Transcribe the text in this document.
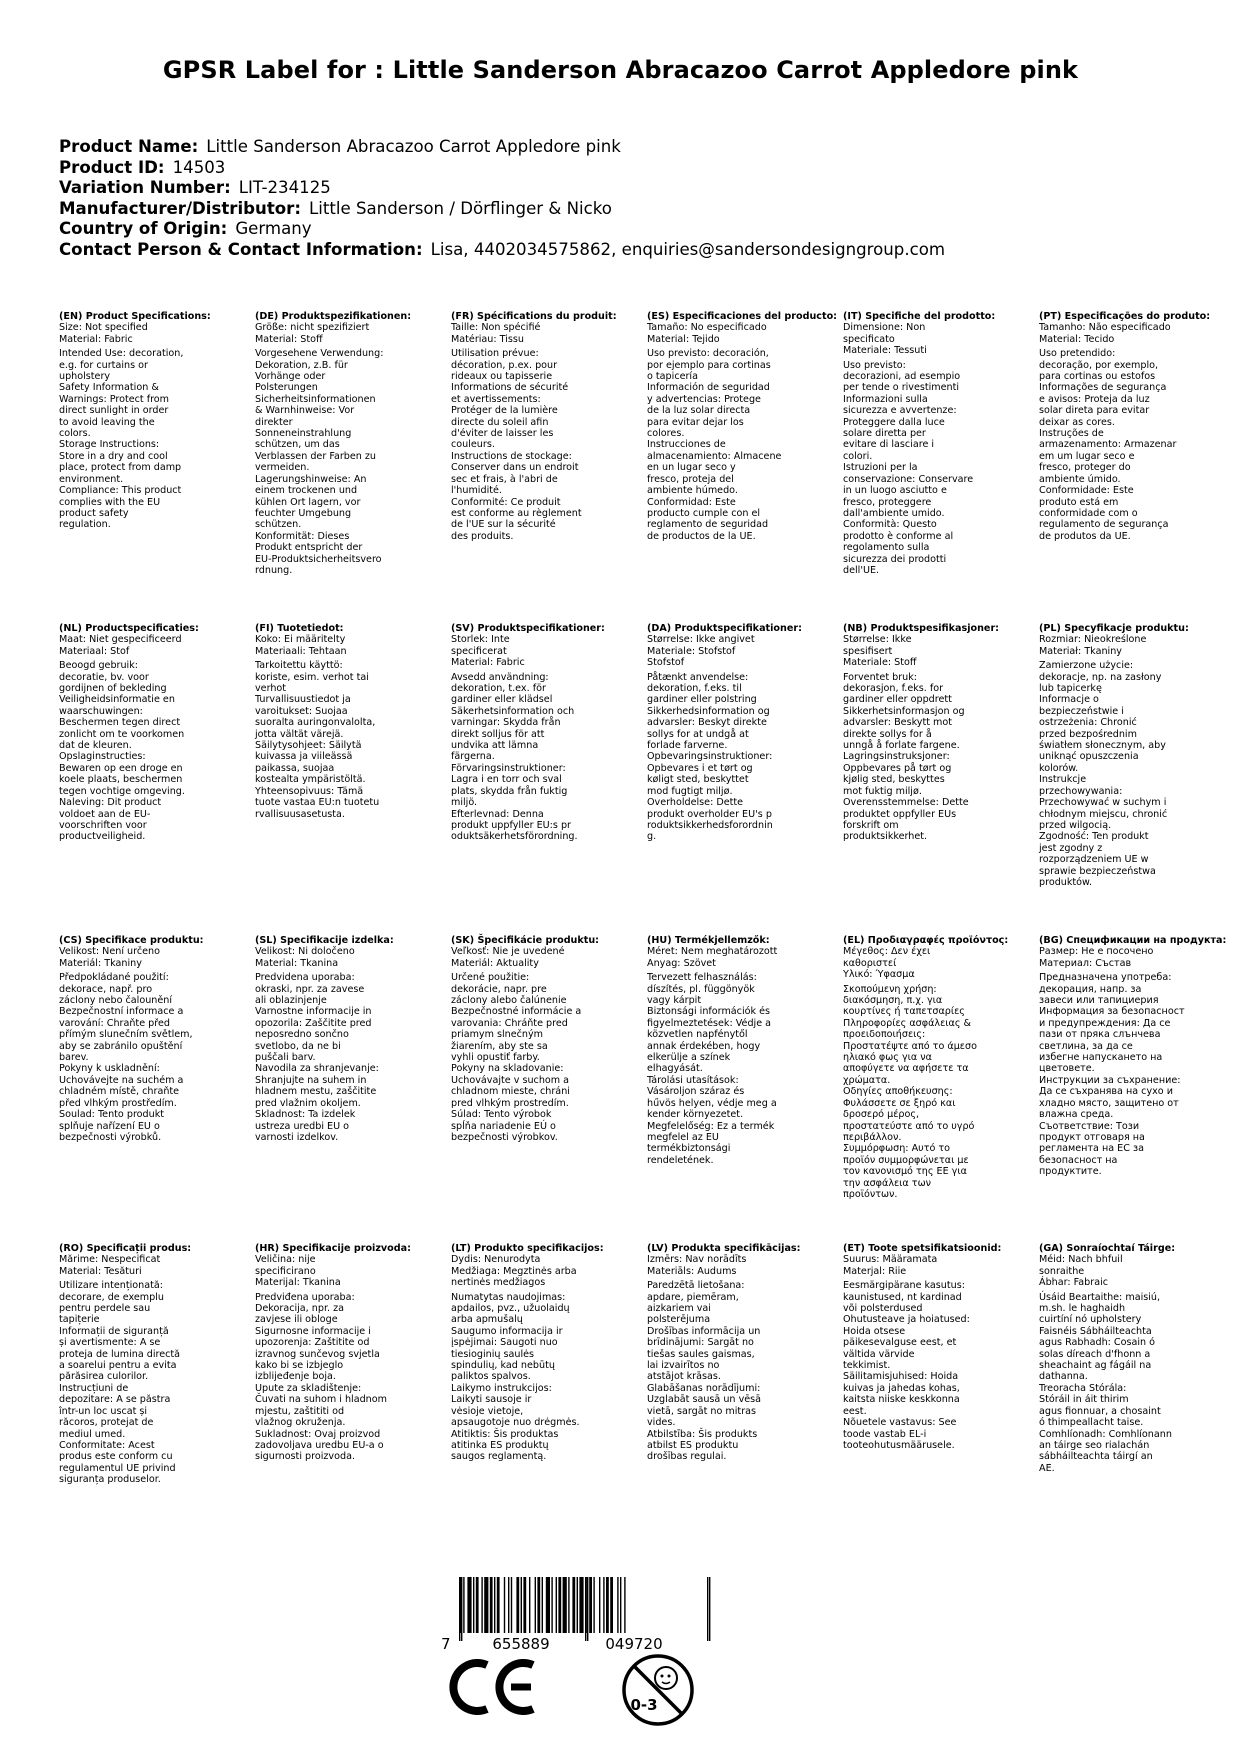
GPSR Label for : Little Sanderson Abracazoo Carrot Appledore pink
Product Name: Little Sanderson Abracazoo Carrot Appledore pink
Product ID: 14503
Variation Number: LIT-234125
Manufacturer/Distributor: Little Sanderson / Dörflinger & Nicko
Country of Origin: Germany
Contact Person & Contact Information: Lisa, 4402034575862, enquiries@sandersondesigngroup.com
(EN) Product Specifications:
Size: Not specified
Material: Fabric
Intended Use: decoration,
e.g. for curtains or
upholstery
Safety Information &
Warnings: Protect from
direct sunlight in order
to avoid leaving the
colors.
Storage Instructions:
Store in a dry and cool
place, protect from damp
environment.
Compliance: This product
complies with the EU
product safety
regulation.
(DE) Produktspezifikationen:
Größe: nicht spezifiziert
Material: Stoff
Vorgesehene Verwendung:
Dekoration, z.B. für
Vorhänge oder
Polsterungen
Sicherheitsinformationen
& Warnhinweise: Vor
direkter
Sonneneinstrahlung
schützen, um das
Verblassen der Farben zu
vermeiden.
Lagerungshinweise: An
einem trockenen und
kühlen Ort lagern, vor
feuchter Umgebung
schützen.
Konformität: Dieses
Produkt entspricht der
EU-Produktsicherheitsvero
rdnung.
(FR) Spécifications du produit:
Taille: Non spécifié
Matériau: Tissu
Utilisation prévue:
décoration, p.ex. pour
rideaux ou tapisserie
Informations de sécurité
et avertissements:
Protéger de la lumière
directe du soleil afin
d'éviter de laisser les
couleurs.
Instructions de stockage:
Conserver dans un endroit
sec et frais, à l'abri de
l'humidité.
Conformité: Ce produit
est conforme au règlement
de l'UE sur la sécurité
des produits.
(ES) Especificaciones del producto:
Tamaño: No especificado
Material: Tejido
Uso previsto: decoración,
por ejemplo para cortinas
o tapicería
Información de seguridad
y advertencias: Protege
de la luz solar directa
para evitar dejar los
colores.
Instrucciones de
almacenamiento: Almacene
en un lugar seco y
fresco, proteja del
ambiente húmedo.
Conformidad: Este
producto cumple con el
reglamento de seguridad
de productos de la UE.
(IT) Specifiche del prodotto:
Dimensione: Non
specificato
Materiale: Tessuti
Uso previsto:
decorazioni, ad esempio
per tende o rivestimenti
Informazioni sulla
sicurezza e avvertenze:
Proteggere dalla luce
solare diretta per
evitare di lasciare i
colori.
Istruzioni per la
conservazione: Conservare
in un luogo asciutto e
fresco, proteggere
dall'ambiente umido.
Conformità: Questo
prodotto è conforme al
regolamento sulla
sicurezza dei prodotti
dell'UE.
(PT) Especificações do produto:
Tamanho: Não especificado
Material: Tecido
Uso pretendido:
decoração, por exemplo,
para cortinas ou estofos
Informações de segurança
e avisos: Proteja da luz
solar direta para evitar
deixar as cores.
Instruções de
armazenamento: Armazenar
em um lugar seco e
fresco, proteger do
ambiente úmido.
Conformidade: Este
produto está em
conformidade com o
regulamento de segurança
de produtos da UE.
(NL) Productspecificaties:
Maat: Niet gespecificeerd
Materiaal: Stof
Beoogd gebruik:
decoratie, bv. voor
gordijnen of bekleding
Veiligheidsinformatie en
waarschuwingen:
Beschermen tegen direct
zonlicht om te voorkomen
dat de kleuren.
Opslaginstructies:
Bewaren op een droge en
koele plaats, beschermen
tegen vochtige omgeving.
Naleving: Dit product
voldoet aan de EU-
voorschriften voor
productveiligheid.
(FI) Tuotetiedot:
Koko: Ei määritelty
Materiaali: Tehtaan
Tarkoitettu käyttö:
koriste, esim. verhot tai
verhot
Turvallisuustiedot ja
varoitukset: Suojaa
suoralta auringonvalolta,
jotta vältät värejä.
Säilytysohjeet: Säilytä
kuivassa ja viileässä
paikassa, suojaa
kostealta ympäristöltä.
Yhteensopivuus: Tämä
tuote vastaa EU:n tuotetu
rvallisuusasetusta.
(SV) Produktspecifikationer:
Storlek: Inte
specificerat
Material: Fabric
Avsedd användning:
dekoration, t.ex. för
gardiner eller klädsel
Säkerhetsinformation och
varningar: Skydda från
direkt solljus för att
undvika att lämna
färgerna.
Förvaringsinstruktioner:
Lagra i en torr och sval
plats, skydda från fuktig
miljö.
Efterlevnad: Denna
produkt uppfyller EU:s pr
oduktsäkerhetsförordning.
(DA) Produktspecifikationer:
Størrelse: Ikke angivet
Materiale: Stofstof
Stofstof
Påtænkt anvendelse:
dekoration, f.eks. til
gardiner eller polstring
Sikkerhedsinformation og
advarsler: Beskyt direkte
sollys for at undgå at
forlade farverne.
Opbevaringsinstruktioner:
Opbevares i et tørt og
køligt sted, beskyttet
mod fugtigt miljø.
Overholdelse: Dette
produkt overholder EU's p
roduktsikkerhedsforordnin
g.
(NB) Produktspesifikasjoner:
Størrelse: Ikke
spesifisert
Materiale: Stoff
Forventet bruk:
dekorasjon, f.eks. for
gardiner eller oppdrett
Sikkerhetsinformasjon og
advarsler: Beskytt mot
direkte sollys for å
unngå å forlate fargene.
Lagringsinstruksjoner:
Oppbevares på tørt og
kjølig sted, beskyttes
mot fuktig miljø.
Overensstemmelse: Dette
produktet oppfyller EUs
forskrift om
produktsikkerhet.
(PL) Specyfikacje produktu:
Rozmiar: Nieokreślone
Materiał: Tkaniny
Zamierzone użycie:
dekoracje, np. na zasłony
lub tapicerkę
Informacje o
bezpieczeństwie i
ostrzeżenia: Chronić
przed bezpośrednim
światłem słonecznym, aby
uniknąć opuszczenia
kolorów.
Instrukcje
przechowywania:
Przechowywać w suchym i
chłodnym miejscu, chronić
przed wilgocią.
Zgodność: Ten produkt
jest zgodny z
rozporządzeniem UE w
sprawie bezpieczeństwa
produktów.
(CS) Specifikace produktu:
Velikost: Není určeno
Materiál: Tkaniny
Předpokládané použití:
dekorace, např. pro
záclony nebo čalounění
Bezpečnostní informace a
varování: Chraňte před
přímým slunečním světlem,
aby se zabránilo opuštění
barev.
Pokyny k uskladnění:
Uchovávejte na suchém a
chladném místě, chraňte
před vlhkým prostředím.
Soulad: Tento produkt
splňuje nařízení EU o
bezpečnosti výrobků.
(SL) Specifikacije izdelka:
Velikost: Ni določeno
Material: Tkanina
Predvidena uporaba:
okraski, npr. za zavese
ali oblazinjenje
Varnostne informacije in
opozorila: Zaščitite pred
neposredno sončno
svetlobo, da ne bi
puščali barv.
Navodila za shranjevanje:
Shranjujte na suhem in
hladnem mestu, zaščitite
pred vlažnim okoljem.
Skladnost: Ta izdelek
ustreza uredbi EU o
varnosti izdelkov.
(SK) Špecifikácie produktu:
Veľkosť: Nie je uvedené
Materiál: Aktuality
Určené použitie:
dekorácie, napr. pre
záclony alebo čalúnenie
Bezpečnostné informácie a
varovania: Chráňte pred
priamym slnečným
žiarením, aby ste sa
vyhli opustiť farby.
Pokyny na skladovanie:
Uchovávajte v suchom a
chladnom mieste, chráni
pred vlhkým prostredím.
Súlad: Tento výrobok
spĺňa nariadenie EÚ o
bezpečnosti výrobkov.
(HU) Termékjellemzők:
Méret: Nem meghatározott
Anyag: Szövet
Tervezett felhasználás:
díszítés, pl. függönyök
vagy kárpit
Biztonsági információk és
figyelmeztetések: Védje a
közvetlen napfénytől
annak érdekében, hogy
elkerülje a színek
elhagyását.
Tárolási utasítások:
Vásároljon száraz és
hűvös helyen, védje meg a
kender környezetet.
Megfelelőség: Ez a termék
megfelel az EU
termékbiztonsági
rendeletének.
(EL) Προδιαγραφές προϊόντος:
Μέγεθος: Δεν έχει
καθοριστεί
Υλικό: Ύφασμα
Σκοπούμενη χρήση:
διακόσμηση, π.χ. για
κουρτίνες ή ταπετσαρίες
Πληροφορίες ασφάλειας &
προειδοποιήσεις:
Προστατέψτε από το άμεσο
ηλιακό φως για να
αποφύγετε να αφήσετε τα
χρώματα.
Οδηγίες αποθήκευσης:
Φυλάσσετε σε ξηρό και
δροσερό μέρος,
προστατεύστε από το υγρό
περιβάλλον.
Συμμόρφωση: Αυτό το
προϊόν συμμορφώνεται με
τον κανονισμό της ΕΕ για
την ασφάλεια των
προϊόντων.
(BG) Спецификации на продукта:
Размер: Не е посочено
Материал: Състав
Предназначена употреба:
декорация, напр. за
завеси или тапициерия
Информация за безопасност
и предупреждения: Да се
пази от пряка слънчева
светлина, за да се
избегне напускането на
цветовете.
Инструкции за съхранение:
Да се съхранява на сухо и
хладно място, защитено от
влажна среда.
Съответствие: Този
продукт отговаря на
регламента на ЕС за
безопасност на
продуктите.
(RO) Specificații produs:
Mărime: Nespecificat
Material: Tesături
Utilizare intenționată:
decorare, de exemplu
pentru perdele sau
tapițerie
Informații de siguranță
și avertismente: A se
proteja de lumina directă
a soarelui pentru a evita
părăsirea culorilor.
Instrucțiuni de
depozitare: A se păstra
într-un loc uscat și
răcoros, protejat de
mediul umed.
Conformitate: Acest
produs este conform cu
regulamentul UE privind
siguranța produselor.
(HR) Specifikacije proizvoda:
Veličina: nije
specificirano
Materijal: Tkanina
Predviđena uporaba:
Dekoracija, npr. za
zavjese ili obloge
Sigurnosne informacije i
upozorenja: Zaštitite od
izravnog sunčevog svjetla
kako bi se izbjeglo
izblijeđenje boja.
Upute za skladištenje:
Čuvati na suhom i hladnom
mjestu, zaštititi od
vlažnog okruženja.
Sukladnost: Ovaj proizvod
zadovoljava uredbu EU-a o
sigurnosti proizvoda.
(LT) Produkto specifikacijos:
Dydis: Nenurodyta
Medžiaga: Megztinės arba
nertinės medžiagos
Numatytas naudojimas:
apdailos, pvz., užuolaidų
arba apmušalų
Saugumo informacija ir
įspėjimai: Saugoti nuo
tiesioginių saulės
spindulių, kad nebūtų
paliktos spalvos.
Laikymo instrukcijos:
Laikyti sausoje ir
vėsioje vietoje,
apsaugotoje nuo drėgmės.
Atitiktis: Šis produktas
atitinka ES produktų
saugos reglamentą.
(LV) Produkta specifikācijas:
Izmērs: Nav norādīts
Materiāls: Audums
Paredzētā lietošana:
apdare, piemēram,
aizkariem vai
polsterējuma
Drošības informācija un
brīdinājumi: Sargāt no
tiešas saules gaismas,
lai izvairītos no
atstājot krāsas.
Glabāšanas norādījumi:
Uzglabāt sausā un vēsā
vietā, sargāt no mitras
vides.
Atbilstība: Šis produkts
atbilst ES produktu
drošības regulai.
(ET) Toote spetsifikatsioonid:
Suurus: Määramata
Materjal: Riie
Eesmärgipärane kasutus:
kaunistused, nt kardinad
või polsterdused
Ohutusteave ja hoiatused:
Hoida otsese
päikesevalguse eest, et
vältida värvide
tekkimist.
Säilitamisjuhised: Hoida
kuivas ja jahedas kohas,
kaitsta niiske keskkonna
eest.
Nõuetele vastavus: See
toode vastab EL-i
tooteohutusmäärusele.
(GA) Sonraíochtaí Táirge:
Méid: Nach bhfuil
sonraithe
Ábhar: Fabraic
Úsáid Beartaithe: maisiú,
m.sh. le haghaidh
cuirtíní nó upholstery
Faisnéis Sábháilteachta
agus Rabhadh: Cosain ó
solas díreach d'fhonn a
sheachaint ag fágáil na
dathanna.
Treoracha Stórála:
Stóráil in áit thirim
agus fionnuar, a chosaint
ó thimpeallacht taise.
Comhlíonadh: Comhlíonann
an táirge seo rialachán
sábháilteachta táirgí an
AE.
7	655889	049720
0-3
